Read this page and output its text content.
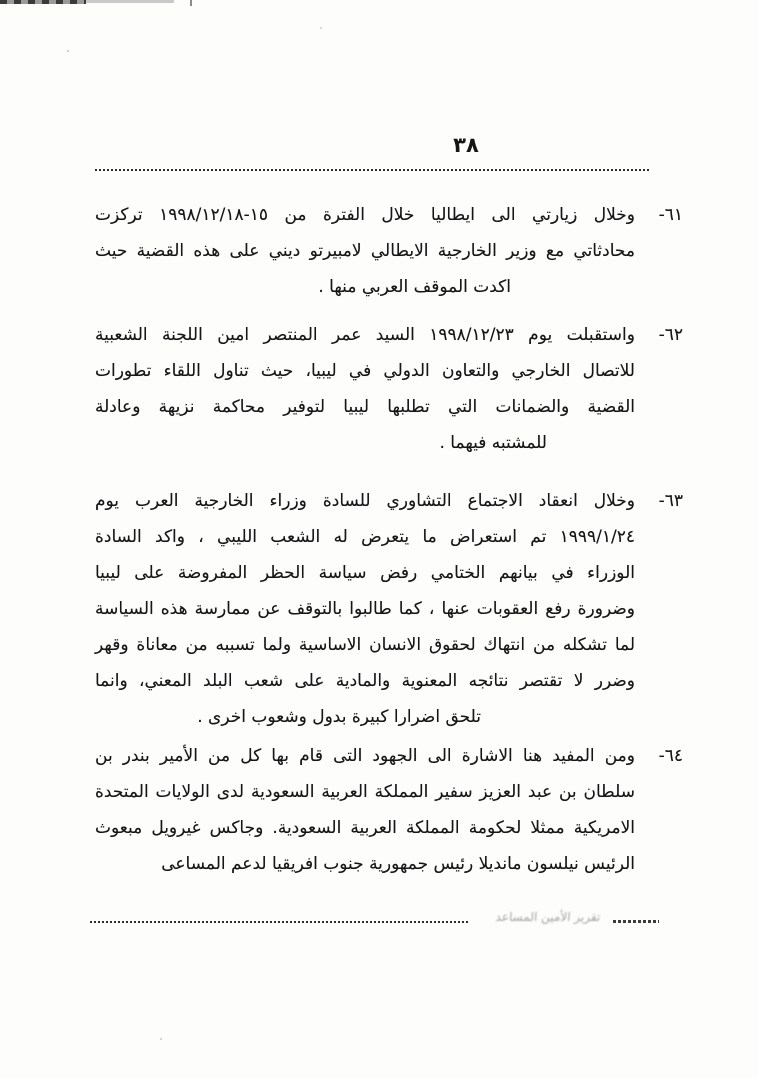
٣٨
٦١-
وخلال زيارتي الى ايطاليا خلال الفترة من ١٥-١٩٩٨/١٢/١٨ تركزت
محادثاتي مع وزير الخارجية الايطالي لامبيرتو ديني على هذه القضية حيث
اكدت الموقف العربي منها .
٦٢-
واستقبلت يوم ١٩٩٨/١٢/٢٣ السيد عمر المنتصر امين اللجنة الشعبية
للاتصال الخارجي والتعاون الدولي في ليبيا، حيث تناول اللقاء تطورات
القضية والضمانات التي تطلبها ليبيا لتوفير محاكمة نزيهة وعادلة
للمشتبه فيهما .
٦٣-
وخلال انعقاد الاجتماع التشاوري للسادة وزراء الخارجية العرب يوم
١٩٩٩/١/٢٤ تم استعراض ما يتعرض له الشعب الليبي ، واكد السادة
الوزراء في بيانهم الختامي رفض سياسة الحظر المفروضة على ليبيا
وضرورة رفع العقوبات عنها ، كما طالبوا بالتوقف عن ممارسة هذه السياسة
لما تشكله من انتهاك لحقوق الانسان الاساسية ولما تسببه من معاناة وقهر
وضرر لا تقتصر نتائجه المعنوية والمادية على شعب البلد المعني، وانما
تلحق اضرارا كبيرة بدول وشعوب اخرى .
٦٤-
ومن المفيد هنا الاشارة الى الجهود التى قام بها كل من الأمير بندر بن
سلطان بن عبد العزيز سفير المملكة العربية السعودية لدى الولايات المتحدة
الامريكية ممثلا لحكومة المملكة العربية السعودية. وجاكس غيرويل مبعوث
الرئيس نيلسون مانديلا رئيس جمهورية جنوب افريقيا لدعم المساعى
تقرير الأمين المساعد
